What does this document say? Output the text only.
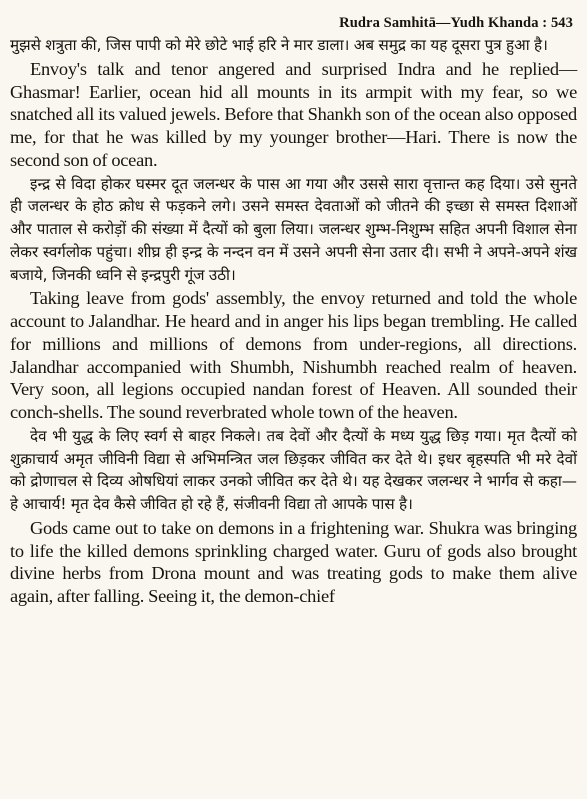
Rudra Samhitā—Yudh Khanda : 543

मुझसे शत्रुता की, जिस पापी को मेरे छोटे भाई हरि ने मार डाला। अब समुद्र का यह दूसरा पुत्र हुआ है।

Envoy's talk and tenor angered and surprised Indra and he replied—Ghasmar! Earlier, ocean hid all mounts in its armpit with my fear, so we snatched all its valued jewels. Before that Shankh son of the ocean also opposed me, for that he was killed by my younger brother—Hari. There is now the second son of ocean.

इन्द्र से विदा होकर घस्मर दूत जलन्धर के पास आ गया और उससे सारा वृत्तान्त कह दिया। उसे सुनते ही जलन्धर के होठ क्रोध से फड़कने लगे। उसने समस्त देवताओं को जीतने की इच्छा से समस्त दिशाओं और पाताल से करोड़ों की संख्या में दैत्यों को बुला लिया। जलन्धर शुम्भ-निशुम्भ सहित अपनी विशाल सेना लेकर स्वर्गलोक पहुंचा। शीघ्र ही इन्द्र के नन्दन वन में उसने अपनी सेना उतार दी। सभी ने अपने-अपने शंख बजाये, जिनकी ध्वनि से इन्द्रपुरी गूंज उठी।

Taking leave from gods' assembly, the envoy returned and told the whole account to Jalandhar. He heard and in anger his lips began trembling. He called for millions and millions of demons from under-regions, all directions. Jalandhar accompanied with Shumbh, Nishumbh reached realm of heaven. Very soon, all legions occupied nandan forest of Heaven. All sounded their conch-shells. The sound reverbrated whole town of the heaven.

देव भी युद्ध के लिए स्वर्ग से बाहर निकले। तब देवों और दैत्यों के मध्य युद्ध छिड़ गया। मृत दैत्यों को शुक्राचार्य अमृत जीविनी विद्या से अभिमन्त्रित जल छिड़कर जीवित कर देते थे। इधर बृहस्पति भी मरे देवों को द्रोणाचल से दिव्य ओषधियां लाकर उनको जीवित कर देते थे। यह देखकर जलन्धर ने भार्गव से कहा—हे आचार्य! मृत देव कैसे जीवित हो रहे हैं, संजीवनी विद्या तो आपके पास है।

Gods came out to take on demons in a frightening war. Shukra was bringing to life the killed demons sprinkling charged water. Guru of gods also brought divine herbs from Drona mount and was treating gods to make them alive again, after falling. Seeing it, the demon-chief
